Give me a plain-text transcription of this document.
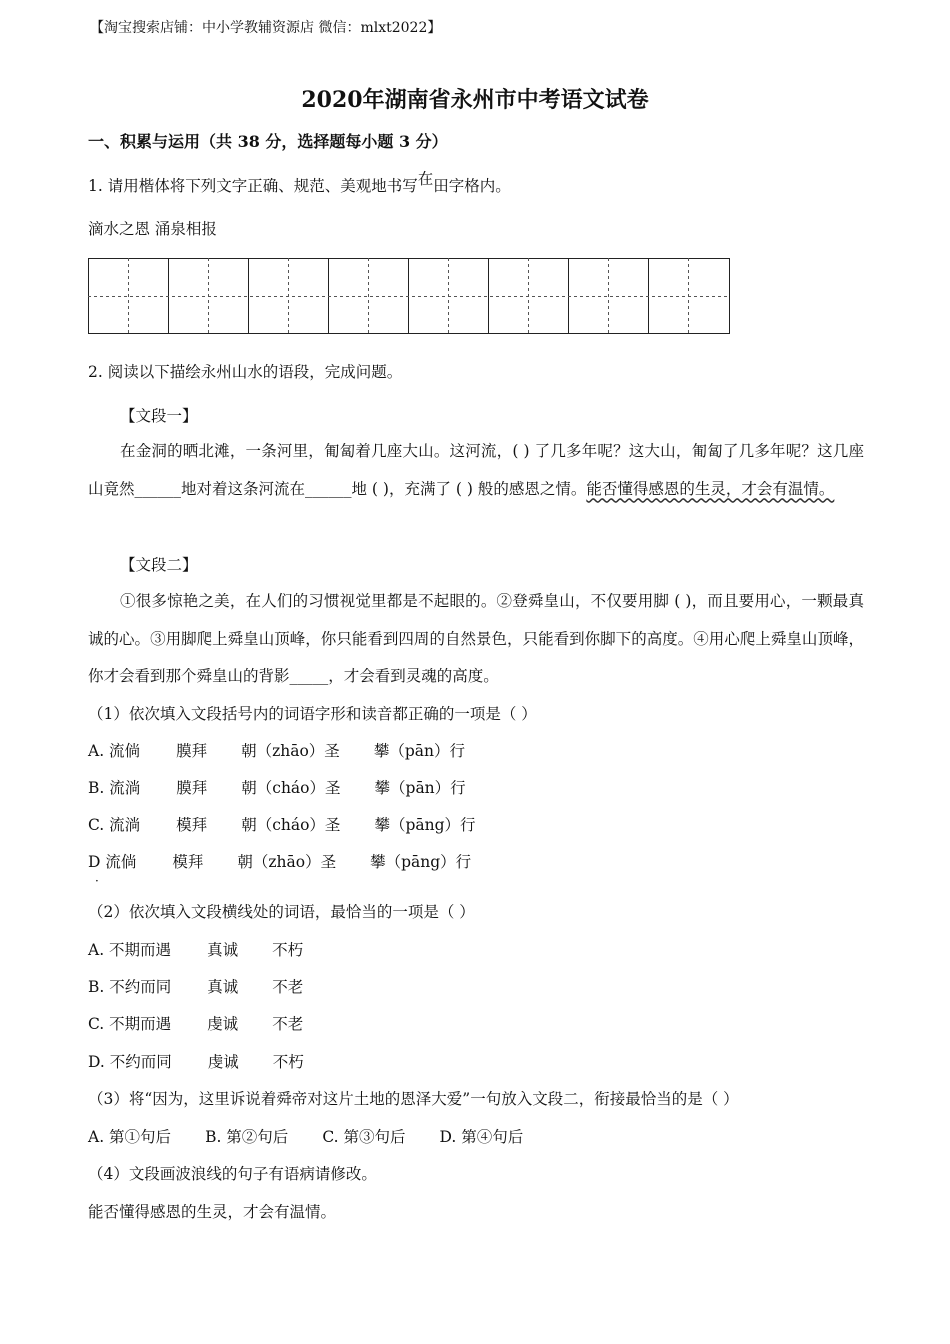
【淘宝搜索店铺：中小学教辅资源店 微信：mlxt2022】
2020年湖南省永州市中考语文试卷
一、积累与运用（共 38 分，选择题每小题 3 分）
1. 请用楷体将下列文字正确、规范、美观地书写在田字格内。
滴水之恩 涌泉相报
2. 阅读以下描绘永州山水的语段，完成问题。
【文段一】
在金洞的晒北滩，一条河里，匍匐着几座大山。这河流，( ) 了几多年呢？这大山，匍匐了几多年呢？这几座山竟然______地对着这条河流在______地 ( )，充满了 ( ) 般的感恩之情。能否懂得感恩的生灵，才会有温情。
【文段二】
①很多惊艳之美，在人们的习惯视觉里都是不起眼的。②登舜皇山，不仅要用脚 ( )，而且要用心，一颗最真诚的心。③用脚爬上舜皇山顶峰，你只能看到四周的自然景色，只能看到你脚下的高度。④用心爬上舜皇山顶峰，你才会看到那个舜皇山的背影_____，才会看到灵魂的高度。
（1）依次填入文段括号内的词语字形和读音都正确的一项是（ ）
A. 流倘 膜拜 朝（zhāo）圣 攀（pān）行
B. 流淌 膜拜 朝（cháo）圣 攀（pān）行
C. 流淌 模拜 朝（cháo）圣 攀（pāng）行
D 流倘 模拜 朝（zhāo）圣 攀（pāng）行
·
（2）依次填入文段横线处的词语，最恰当的一项是（ ）
A. 不期而遇 真诚 不朽
B. 不约而同 真诚 不老
C. 不期而遇 虔诚 不老
D. 不约而同 虔诚 不朽
（3）将“因为，这里诉说着舜帝对这片土地的恩泽大爱”一句放入文段二，衔接最恰当的是（ ）
A. 第①句后 B. 第②句后 C. 第③句后 D. 第④句后
（4）文段画波浪线的句子有语病请修改。
能否懂得感恩的生灵，才会有温情。
